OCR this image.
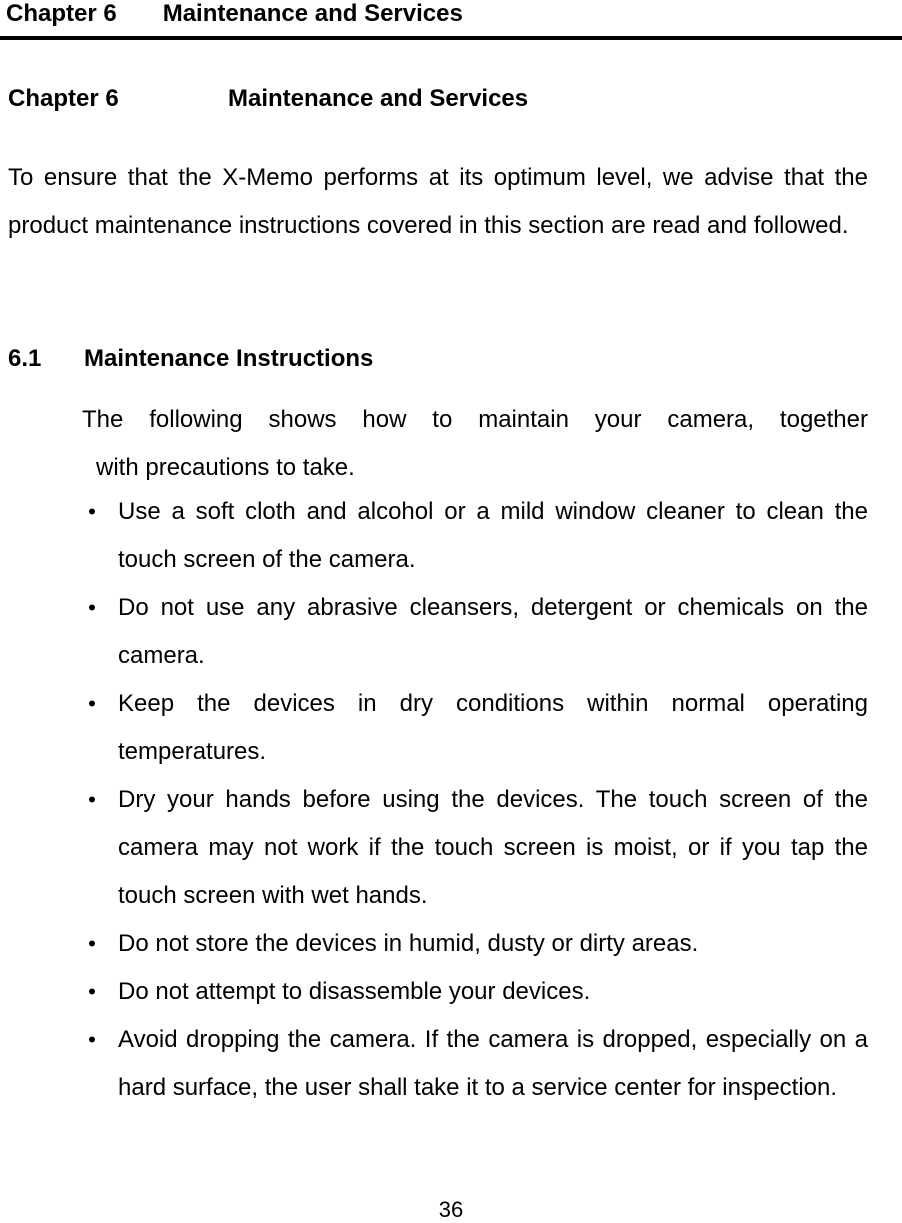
Chapter 6 Maintenance and Services
Chapter 6	Maintenance and Services

To ensure that the X-Memo performs at its optimum level, we advise that the product maintenance instructions covered in this section are read and followed.

6.1 Maintenance Instructions
The following shows how to maintain your camera, together
with precautions to take.
• Use a soft cloth and alcohol or a mild window cleaner to clean the touch screen of the camera.
• Do not use any abrasive cleansers, detergent or chemicals on the camera.
• Keep the devices in dry conditions within normal operating temperatures.
• Dry your hands before using the devices. The touch screen of the camera may not work if the touch screen is moist, or if you tap the touch screen with wet hands.
• Do not store the devices in humid, dusty or dirty areas.
• Do not attempt to disassemble your devices.
• Avoid dropping the camera. If the camera is dropped, especially on a hard surface, the user shall take it to a service center for inspection.
36
